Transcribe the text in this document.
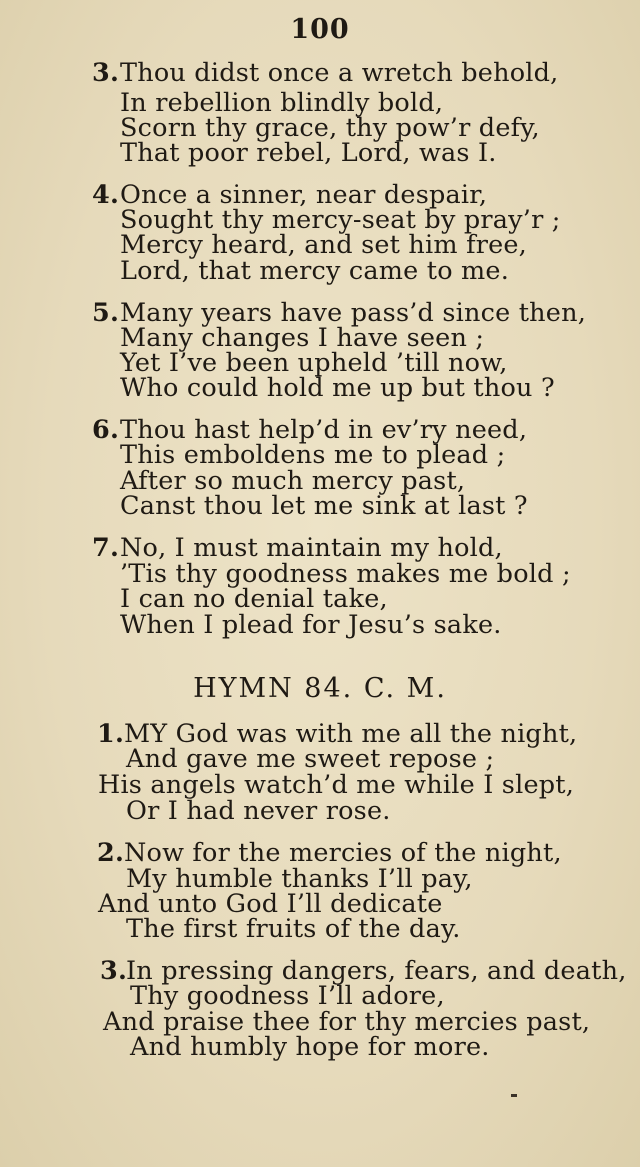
100
3. Thou didst once a wretch behold,
In rebellion blindly bold,
Scorn thy grace, thy pow’r defy,
That poor rebel, Lord, was I.
4. Once a sinner, near despair,
Sought thy mercy-seat by pray’r ;
Mercy heard, and set him free,
Lord, that mercy came to me.
5. Many years have pass’d since then,
Many changes I have seen ;
Yet I’ve been upheld ’till now,
Who could hold me up but thou ?
6. Thou hast help’d in ev’ry need,
This emboldens me to plead ;
After so much mercy past,
Canst thou let me sink at last ?
7. No, I must maintain my hold,
’Tis thy goodness makes me bold ;
I can no denial take,
When I plead for Jesu’s sake.
HYMN 84. C. M.
1. MY God was with me all the night,
And gave me sweet repose ;
His angels watch’d me while I slept,
Or I had never rose.
2. Now for the mercies of the night,
My humble thanks I’ll pay,
And unto God I’ll dedicate
The first fruits of the day.
3.
In pressing dangers, fears, and death,
Thy goodness I’ll adore,
And praise thee for thy mercies past,
And humbly hope for more.
